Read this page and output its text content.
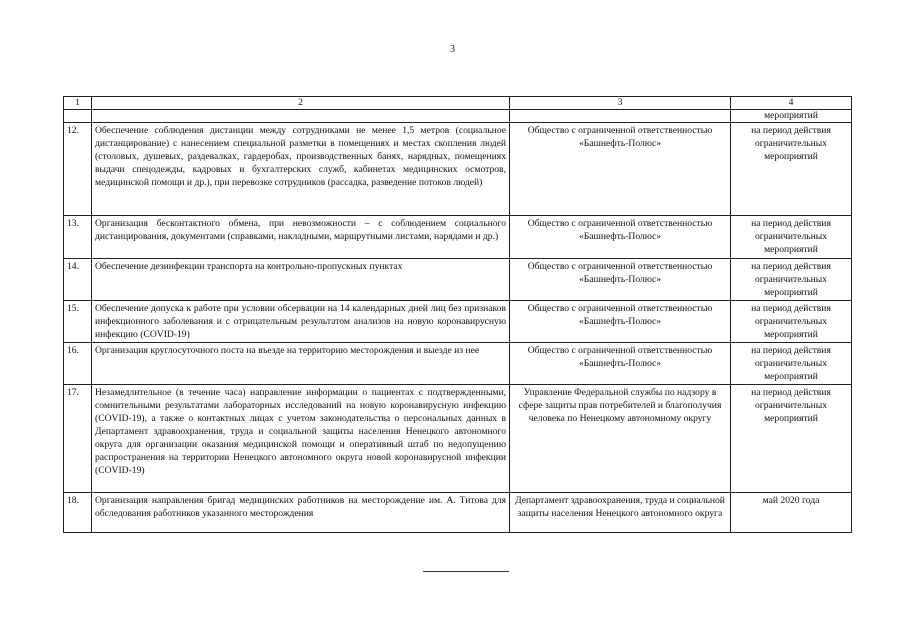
3
1	2	3	4
			мероприятий
12.	Обеспечение соблюдения дистанции между сотрудниками не менее 1,5 метров (социальное дистанцирование) с нанесением специальной разметки в помещениях и местах скопления людей (столовых, душевых, раздевалках, гардеробах, производственных банях, нарядных, помещениях выдачи спецодежды, кадровых и бухгалтерских служб, кабинетах медицинских осмотров, медицинской помощи и др.), при перевозке сотрудников (рассадка, разведение потоков людей)	Общество с ограниченной ответственностью «Башнефть-Полюс»	на период действия ограничительных мероприятий
13.	Организация бесконтактного обмена, при невозможности – с соблюдением социального дистанцирования, документами (справками, накладными, маршрутными листами, нарядами и др.)	Общество с ограниченной ответственностью «Башнефть-Полюс»	на период действия ограничительных мероприятий
14.	Обеспечение дезинфекции транспорта на контрольно-пропускных пунктах	Общество с ограниченной ответственностью «Башнефть-Полюс»	на период действия ограничительных мероприятий
15.	Обеспечение допуска к работе при условии обсервации на 14 календарных дней лиц без признаков инфекционного заболевания и с отрицательным результатом анализов на новую коронавирусную инфекцию (COVID-19)	Общество с ограниченной ответственностью «Башнефть-Полюс»	на период действия ограничительных мероприятий
16.	Организация круглосуточного поста на въезде на территорию месторождения и выезде из нее	Общество с ограниченной ответственностью «Башнефть-Полюс»	на период действия ограничительных мероприятий
17.	Незамедлительное (в течение часа) направление информации о пациентах с подтвержденными, сомнительными результатами лабораторных исследований на новую коронавирусную инфекцию (COVID-19), а также о контактных лицах с учетом законодательства о персональных данных в Департамент здравоохранения, труда и социальной защиты населения Ненецкого автономного округа для организации оказания медицинской помощи и оперативный штаб по недопущению распространения на территории Ненецкого автономного округа новой коронавирусной инфекции (COVID-19)	Управление Федеральной службы по надзору в сфере защиты прав потребителей и благополучия человека по Ненецкому автономному округу	на период действия ограничительных мероприятий
18.	Организация направления бригад медицинских работников на месторождение им. А. Титова для обследования работников указанного месторождения	Департамент здравоохранения, труда и социальной защиты населения Ненецкого автономного округа	май 2020 года
